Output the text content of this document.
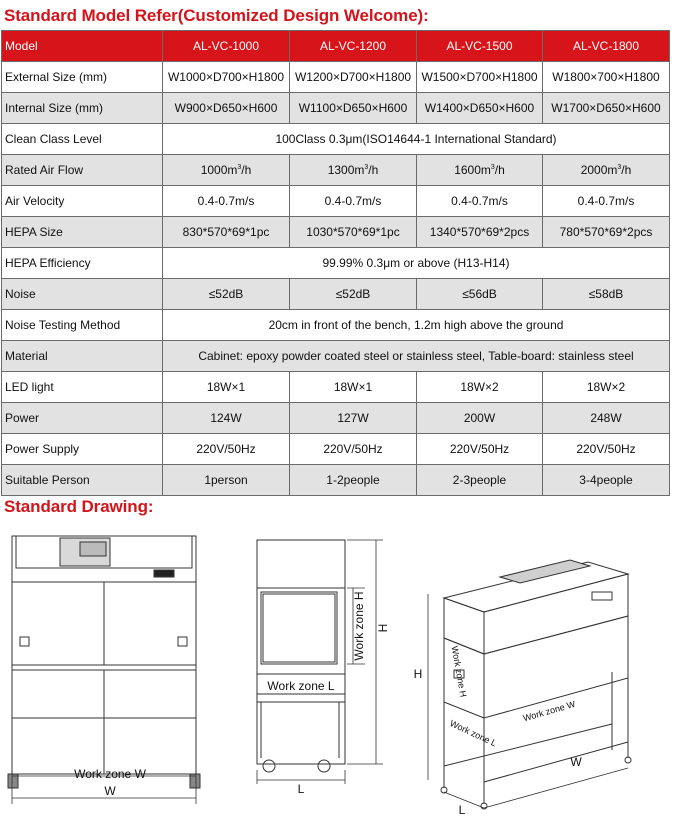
Standard Model Refer(Customized Design Welcome):
Model	AL-VC-1000	AL-VC-1200	AL-VC-1500	AL-VC-1800
External Size (mm)	W1000×D700×H1800	W1200×D700×H1800	W1500×D700×H1800	W1800×700×H1800
Internal Size (mm)	W900×D650×H600	W1100×D650×H600	W1400×D650×H600	W1700×D650×H600
Clean Class Level	100Class 0.3μm(ISO14644-1 International Standard)			
Rated Air Flow	$1000m^3/h$	$1300m^3/h$	$1600m^3/h$	$2000m^3/h$
Air Velocity	0.4-0.7m/s	0.4-0.7m/s	0.4-0.7m/s	0.4-0.7m/s
HEPA Size	830*570*69*1pc	1030*570*69*1pc	1340*570*69*2pcs	780*570*69*2pcs
HEPA Efficiency	99.99% 0.3μm or above (H13-H14)			
Noise	≤52dB	≤52dB	≤56dB	≤58dB
Noise Testing Method	20cm in front of the bench, 1.2m high above the ground			
Material	Cabinet: epoxy powder coated steel or stainless steel, Table-board: stainless steel			
LED light	18W×1	18W×1	18W×2	18W×2
Power	124W	127W	200W	248W
Power Supply	220V/50Hz	220V/50Hz	220V/50Hz	220V/50Hz
Suitable Person	1person	1-2people	2-3people	3-4people
Standard Drawing:
Work zone W
W
Work zone L
L
Work zone H H
H	Work zone H
Work zone L
Work zone W
W
L
